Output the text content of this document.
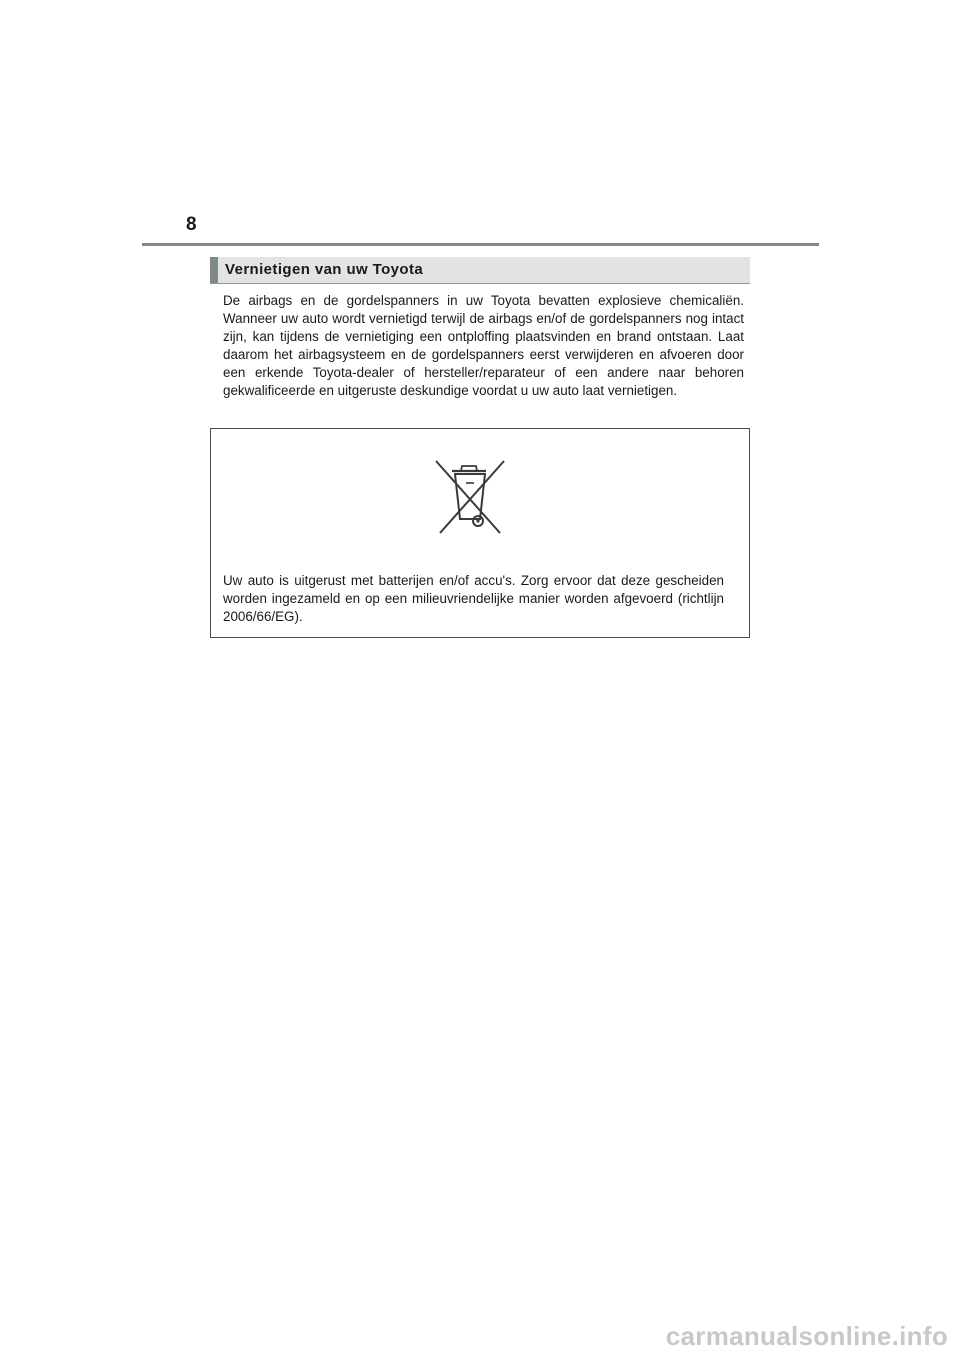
8
Vernietigen van uw Toyota

De airbags en de gordelspanners in uw Toyota bevatten explosieve chemicaliën. Wanneer uw auto wordt vernietigd terwijl de airbags en/of de gordelspanners nog intact zijn, kan tijdens de vernietiging een ontploffing plaatsvinden en brand ontstaan. Laat daarom het airbagsysteem en de gordelspanners eerst verwijderen en afvoeren door een erkende Toyota-dealer of hersteller/reparateur of een andere naar behoren gekwalificeerde en uitgeruste deskundige voordat u uw auto laat vernietigen.

Uw auto is uitgerust met batterijen en/of accu's. Zorg ervoor dat deze gescheiden worden ingezameld en op een milieuvriendelijke manier worden afgevoerd (richtlijn 2006/66/EG).

carmanualsonline.info
